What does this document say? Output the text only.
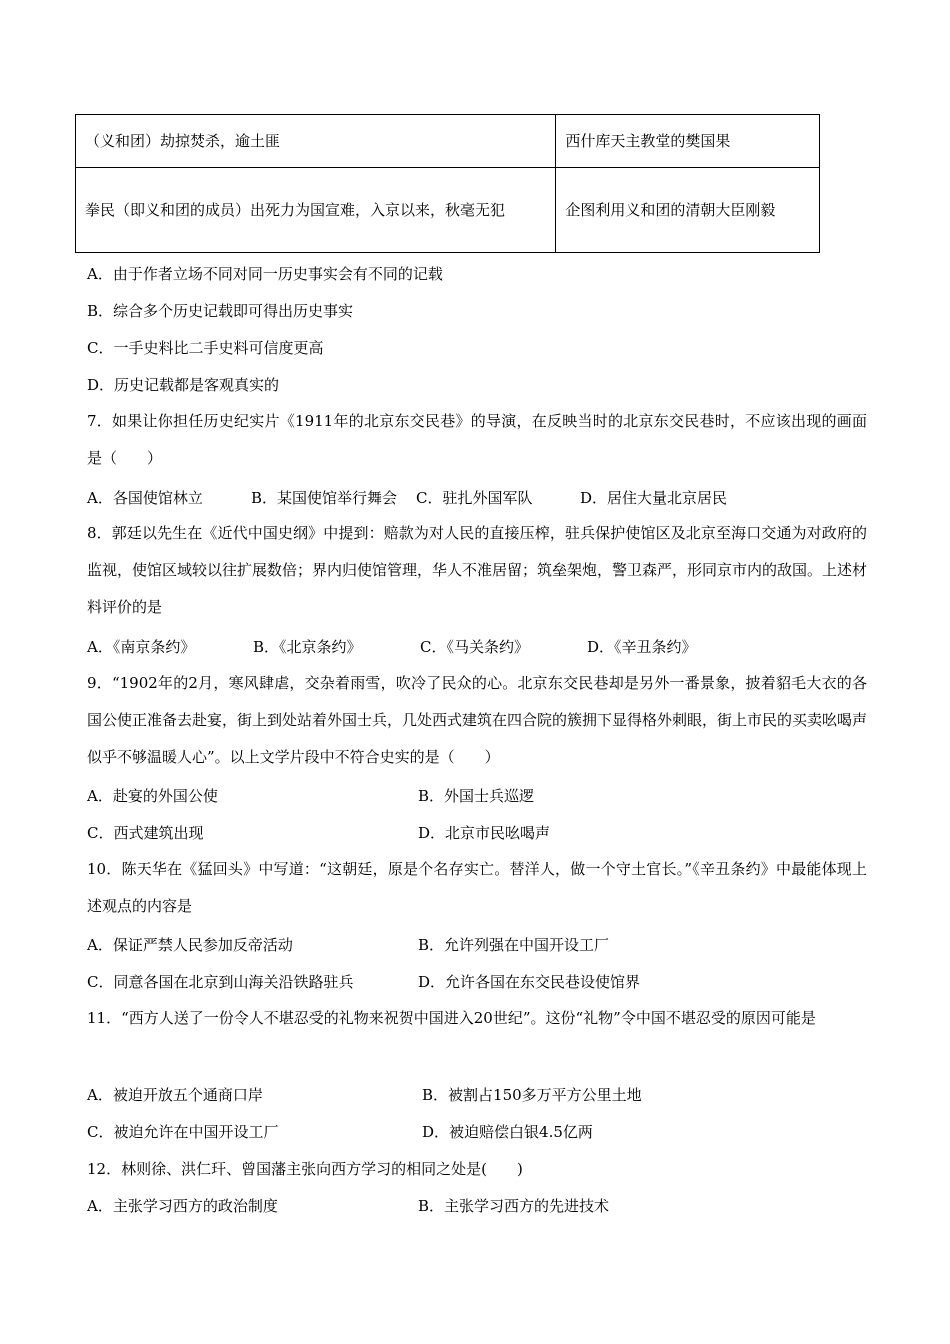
（义和团）劫掠焚杀，逾土匪	西什库天主教堂的樊国果
拳民（即义和团的成员）出死力为国宣难，入京以来，秋毫无犯	企图利用义和团的清朝大臣刚毅
A．由于作者立场不同对同一历史事实会有不同的记载
B．综合多个历史记载即可得出历史事实
C．一手史料比二手史料可信度更高
D．历史记载都是客观真实的
7．如果让你担任历史纪实片《1911年的北京东交民巷》的导演，在反映当时的北京东交民巷时，不应该出现的画面是（　　）
A．各国使馆林立	B．某国使馆举行舞会 C．驻扎外国军队	D．居住大量北京居民
8．郭廷以先生在《近代中国史纲》中提到：赔款为对人民的直接压榨，驻兵保护使馆区及北京至海口交通为对政府的监视，使馆区域较以往扩展数倍；界内归使馆管理，华人不准居留；筑垒架炮，警卫森严，形同京市内的敌国。上述材料评价的是
A．《南京条约》	B．《北京条约》	C．《马关条约》	D．《辛丑条约》
9．“1902年的2月，寒风肆虐，交杂着雨雪，吹冷了民众的心。北京东交民巷却是另外一番景象，披着貂毛大衣的各国公使正准备去赴宴，街上到处站着外国士兵，几处西式建筑在四合院的簇拥下显得格外刺眼，街上市民的买卖吆喝声似乎不够温暖人心”。以上文学片段中不符合史实的是（　　）
A．赴宴的外国公使	B．外国士兵巡逻
C．西式建筑出现	D．北京市民吆喝声
10．陈天华在《猛回头》中写道：“这朝廷，原是个名存实亡。替洋人，做一个守土官长。”《辛丑条约》中最能体现上述观点的内容是
A．保证严禁人民参加反帝活动	B．允许列强在中国开设工厂
C．同意各国在北京到山海关沿铁路驻兵	D．允许各国在东交民巷设使馆界
11．“西方人送了一份令人不堪忍受的礼物来祝贺中国进入20世纪”。这份“礼物”令中国不堪忍受的原因可能是
A．被迫开放五个通商口岸	B．被割占150多万平方公里土地
C．被迫允许在中国开设工厂	D．被迫赔偿白银4.5亿两
12．林则徐、洪仁玕、曾国藩主张向西方学习的相同之处是(　　)
A．主张学习西方的政治制度	B．主张学习西方的先进技术
